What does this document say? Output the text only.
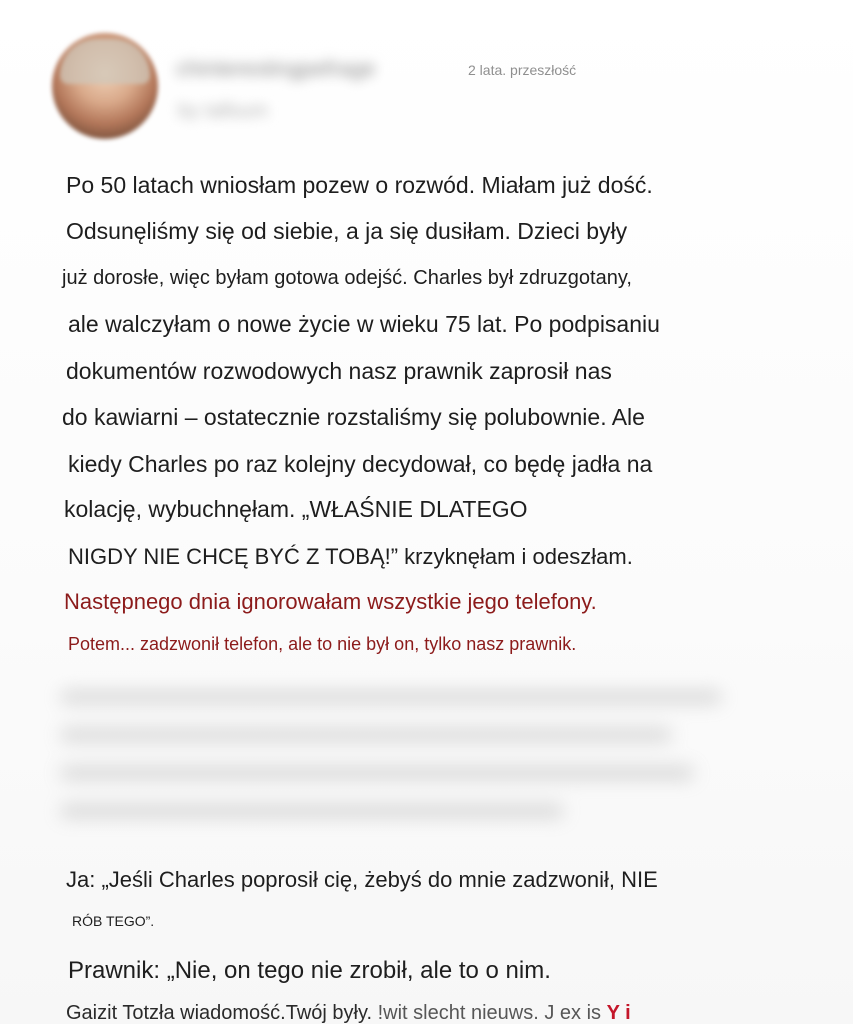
chinterestingpefrage
by tallsum
2 lata. przeszłość
Po 50 latach wniosłam pozew o rozwód. Miałam już dość.
Odsunęliśmy się od siebie, a ja się dusiłam. Dzieci były
już dorosłe, więc byłam gotowa odejść. Charles był zdruzgotany,
ale walczyłam o nowe życie w wieku 75 lat. Po podpisaniu
dokumentów rozwodowych nasz prawnik zaprosił nas
do kawiarni – ostatecznie rozstaliśmy się polubownie. Ale
kiedy Charles po raz kolejny decydował, co będę jadła na
kolację, wybuchnęłam. „WŁAŚNIE DLATEGO
NIGDY NIE CHCĘ BYĆ Z TOBĄ!” krzyknęłam i odeszłam.
Następnego dnia ignorowałam wszystkie jego telefony.
Potem... zadzwonił telefon, ale to nie był on, tylko nasz prawnik.
Ja: „Jeśli Charles poprosił cię, żebyś do mnie zadzwonił, NIE
RÓB TEGO”.
Prawnik: „Nie, on tego nie zrobił, ale to o nim.
Gaizit Totzła wiadomość.Twój były. !wit slecht nieuws. J ex is Y i
